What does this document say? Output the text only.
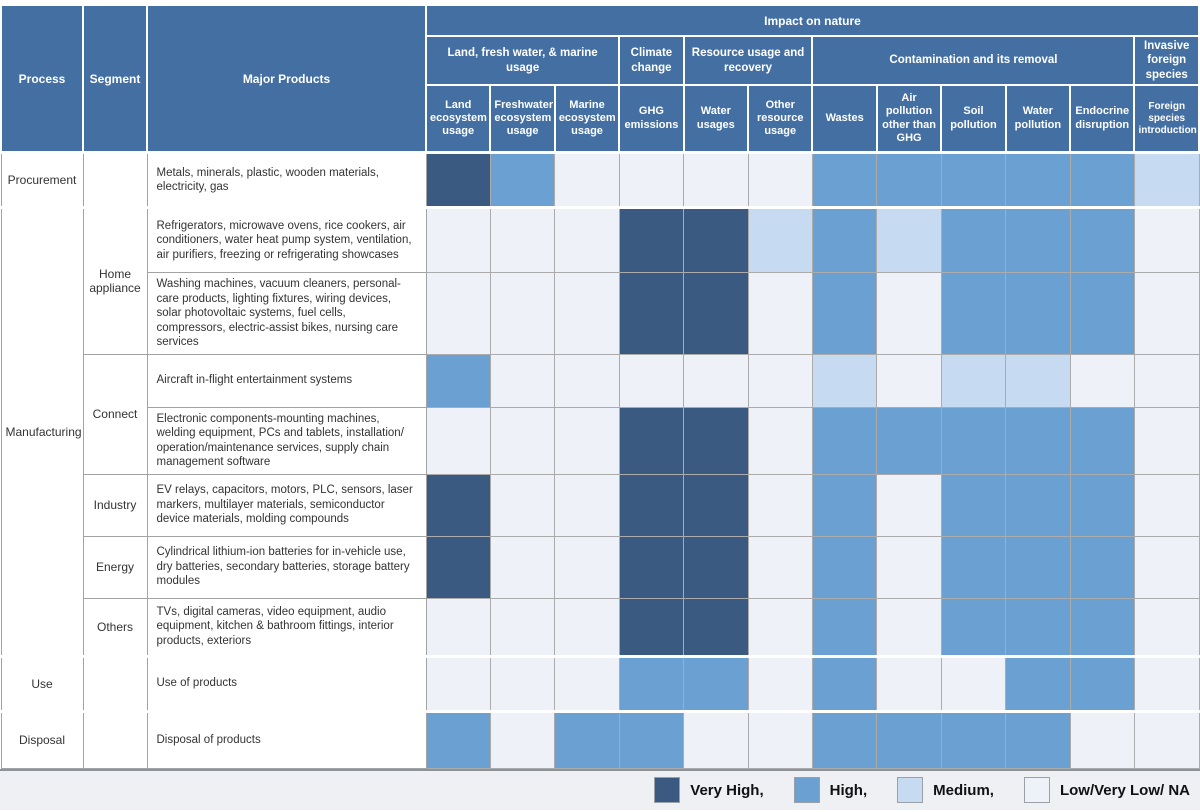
Process	Segment	Major Products	Impact on nature											
			Land, fresh water, & marine usage			Climate change	Resource usage and recovery		Contamination and its removal					Invasive foreign species
			Land ecosystem usage	Freshwater ecosystem usage	Marine ecosystem usage	GHG emissions	Water usages	Other resource usage	Wastes	Air pollution other than GHG	Soil pollution	Water pollution	Endocrine disruption	Foreign species introduction
Procurement		Metals, minerals, plastic, wooden materials, electricity, gas												
Manufacturing	Home appliance	Refrigerators, microwave ovens, rice cookers, air conditioners, water heat pump system, ventilation, air purifiers, freezing or refrigerating showcases												
		Washing machines, vacuum cleaners, personal-care products, lighting fixtures, wiring devices, solar photovoltaic systems, fuel cells, compressors, electric-assist bikes, nursing care services												
	Connect	Aircraft in-flight entertainment systems												
		Electronic components-mounting machines, welding equipment, PCs and tablets, installation/ operation/maintenance services, supply chain management software												
	Industry	EV relays, capacitors, motors, PLC, sensors, laser markers, multilayer materials, semiconductor device materials, molding compounds												
	Energy	Cylindrical lithium-ion batteries for in-vehicle use, dry batteries, secondary batteries, storage battery modules												
	Others	TVs, digital cameras, video equipment, audio equipment, kitchen & bathroom fittings, interior products, exteriors												
Use		Use of products												
Disposal		Disposal of products												
Very High,	High,	Medium,	Low/Very Low/ NA
